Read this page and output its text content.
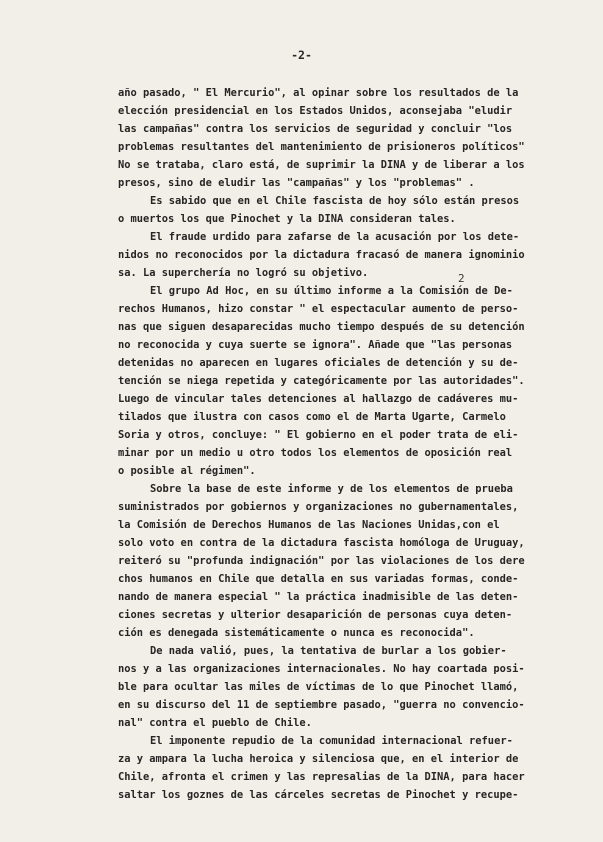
-2-
año pasado, " El Mercurio", al opinar sobre los resultados de la
elección presidencial en los Estados Unidos, aconsejaba "eludir
las campañas" contra los servicios de seguridad y concluir "los
problemas resultantes del mantenimiento de prisioneros políticos"
No se trataba, claro está, de suprimir la DINA y de liberar a los
presos, sino de eludir las "campañas" y los "problemas" .
Es sabido que en el Chile fascista de hoy sólo están presos
o muertos los que Pinochet y la DINA consideran tales.
El fraude urdido para zafarse de la acusación por los dete-
nidos no reconocidos por la dictadura fracasó de manera ignominio
sa. La superchería no logró su objetivo.
El grupo Ad Hoc, en su último informe a la Comisión de De-
rechos Humanos, hizo constar " el espectacular aumento de perso-
nas que siguen desaparecidas mucho tiempo después de su detención
no reconocida y cuya suerte se ignora". Añade que "las personas
detenidas no aparecen en lugares oficiales de detención y su de-
tención se niega repetida y categóricamente por las autoridades".
Luego de vincular tales detenciones al hallazgo de cadáveres mu-
tilados que ilustra con casos como el de Marta Ugarte, Carmelo
Soria y otros, concluye: " El gobierno en el poder trata de eli-
minar por un medio u otro todos los elementos de oposición real
o posible al régimen".
Sobre la base de este informe y de los elementos de prueba
suministrados por gobiernos y organizaciones no gubernamentales,
la Comisión de Derechos Humanos de las Naciones Unidas,con el
solo voto en contra de la dictadura fascista homóloga de Uruguay,
reiteró su "profunda indignación" por las violaciones de los dere
chos humanos en Chile que detalla en sus variadas formas, conde-
nando de manera especial " la práctica inadmisible de las deten-
ciones secretas y ulterior desaparición de personas cuya deten-
ción es denegada sistemáticamente o nunca es reconocida".
De nada valió, pues, la tentativa de burlar a los gobier-
nos y a las organizaciones internacionales. No hay coartada posi-
ble para ocultar las miles de víctimas de lo que Pinochet llamó,
en su discurso del 11 de septiembre pasado, "guerra no convencio-
nal" contra el pueblo de Chile.
El imponente repudio de la comunidad internacional refuer-
za y ampara la lucha heroica y silenciosa que, en el interior de
Chile, afronta el crimen y las represalias de la DINA, para hacer
saltar los goznes de las cárceles secretas de Pinochet y recupe-
2
